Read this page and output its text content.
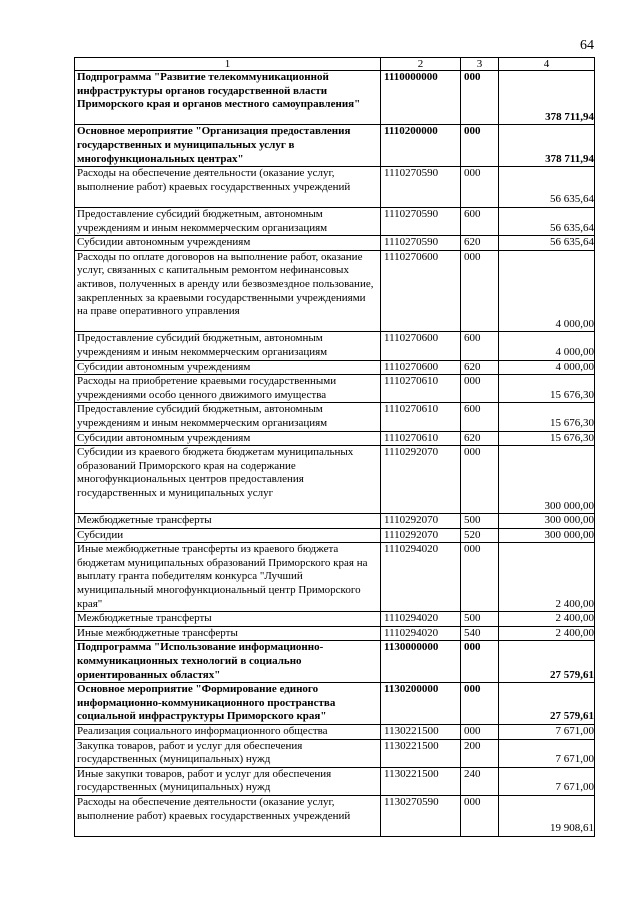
64
1	2	3	4
Подпрограмма "Развитие телекоммуникационной инфраструктуры органов государственной власти Приморского края и органов местного самоуправления"	1110000000	000	378 711,94
Основное мероприятие "Организация предоставления государственных и муниципальных услуг в многофункциональных центрах"	1110200000	000	378 711,94
Расходы на обеспечение деятельности (оказание услуг, выполнение работ) краевых государственных учреждений	1110270590	000	56 635,64
Предоставление субсидий бюджетным, автономным учреждениям и иным некоммерческим организациям	1110270590	600	56 635,64
Субсидии автономным учреждениям	1110270590	620	56 635,64
Расходы по оплате договоров на выполнение работ, оказание услуг, связанных с капитальным ремонтом нефинансовых активов, полученных в аренду или безвозмездное пользование, закрепленных за краевыми государственными учреждениями на праве оперативного управления	1110270600	000	4 000,00
Предоставление субсидий бюджетным, автономным учреждениям и иным некоммерческим организациям	1110270600	600	4 000,00
Субсидии автономным учреждениям	1110270600	620	4 000,00
Расходы на приобретение краевыми государственными учреждениями особо ценного движимого имущества	1110270610	000	15 676,30
Предоставление субсидий бюджетным, автономным учреждениям и иным некоммерческим организациям	1110270610	600	15 676,30
Субсидии автономным учреждениям	1110270610	620	15 676,30
Субсидии из краевого бюджета бюджетам муниципальных образований Приморского края на содержание многофункциональных центров предоставления государственных и муниципальных услуг	1110292070	000	300 000,00
Межбюджетные трансферты	1110292070	500	300 000,00
Субсидии	1110292070	520	300 000,00
Иные межбюджетные трансферты из краевого бюджета бюджетам муниципальных образований Приморского края на выплату гранта победителям конкурса "Лучший муниципальный многофункциональный центр Приморского края"	1110294020	000	2 400,00
Межбюджетные трансферты	1110294020	500	2 400,00
Иные межбюджетные трансферты	1110294020	540	2 400,00
Подпрограмма "Использование информационно-коммуникационных технологий в социально ориентированных областях"	1130000000	000	27 579,61
Основное мероприятие "Формирование единого информационно-коммуникационного пространства социальной инфраструктуры Приморского края"	1130200000	000	27 579,61
Реализация социального информационного общества	1130221500	000	7 671,00
Закупка товаров, работ и услуг для обеспечения государственных (муниципальных) нужд	1130221500	200	7 671,00
Иные закупки товаров, работ и услуг для обеспечения государственных (муниципальных) нужд	1130221500	240	7 671,00
Расходы на обеспечение деятельности (оказание услуг, выполнение работ) краевых государственных учреждений	1130270590	000	19 908,61
